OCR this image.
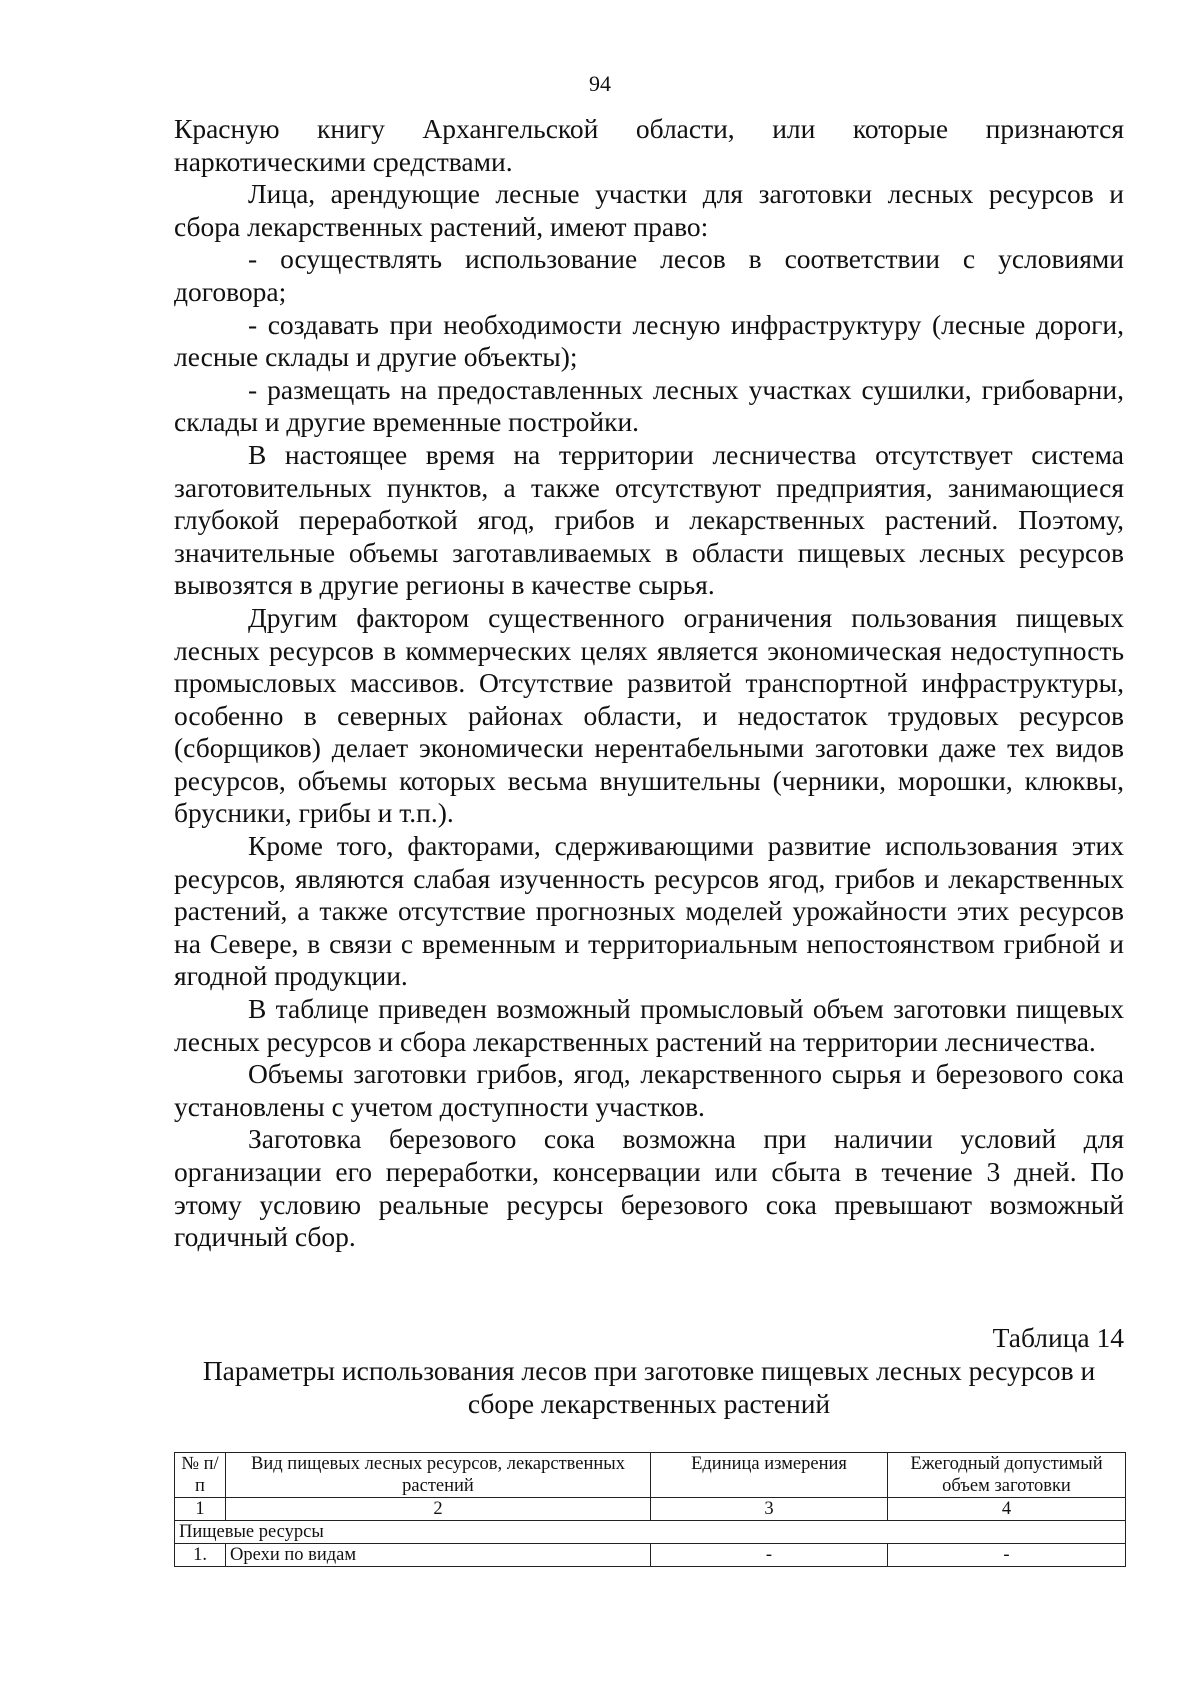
94

Красную книгу Архангельской области, или которые признаются наркотическими средствами.

Лица, арендующие лесные участки для заготовки лесных ресурсов и сбора лекарственных растений, имеют право:

- осуществлять использование лесов в соответствии с условиями договора;

- создавать при необходимости лесную инфраструктуру (лесные дороги, лесные склады и другие объекты);

- размещать на предоставленных лесных участках сушилки, грибоварни, склады и другие временные постройки.

В настоящее время на территории лесничества отсутствует система заготовительных пунктов, а также отсутствуют предприятия, занимающиеся глубокой переработкой ягод, грибов и лекарственных растений. Поэтому, значительные объемы заготавливаемых в области пищевых лесных ресурсов вывозятся в другие регионы в качестве сырья.

Другим фактором существенного ограничения пользования пищевых лесных ресурсов в коммерческих целях является экономическая недоступность промысловых массивов. Отсутствие развитой транспортной инфраструктуры, особенно в северных районах области, и недостаток трудовых ресурсов (сборщиков) делает экономически нерентабельными заготовки даже тех видов ресурсов, объемы которых весьма внушительны (черники, морошки, клюквы, брусники, грибы и т.п.).

Кроме того, факторами, сдерживающими развитие использования этих ресурсов, являются слабая изученность ресурсов ягод, грибов и лекарственных растений, а также отсутствие прогнозных моделей урожайности этих ресурсов на Севере, в связи с временным и территориальным непостоянством грибной и ягодной продукции.

В таблице приведен возможный промысловый объем заготовки пищевых лесных ресурсов и сбора лекарственных растений на территории лесничества.

Объемы заготовки грибов, ягод, лекарственного сырья и березового сока установлены с учетом доступности участков.

Заготовка березового сока возможна при наличии условий для организации его переработки, консервации или сбыта в течение 3 дней. По этому условию реальные ресурсы березового сока превышают возможный годичный сбор.

Таблица 14
Параметры использования лесов при заготовке пищевых лесных ресурсов и сборе лекарственных растений
№ п/п	Вид пищевых лесных ресурсов, лекарственных растений	Единица измерения	Ежегодный допустимый объем заготовки
1	2	3	4
Пищевые ресурсы			
1.	Орехи по видам	-	-
